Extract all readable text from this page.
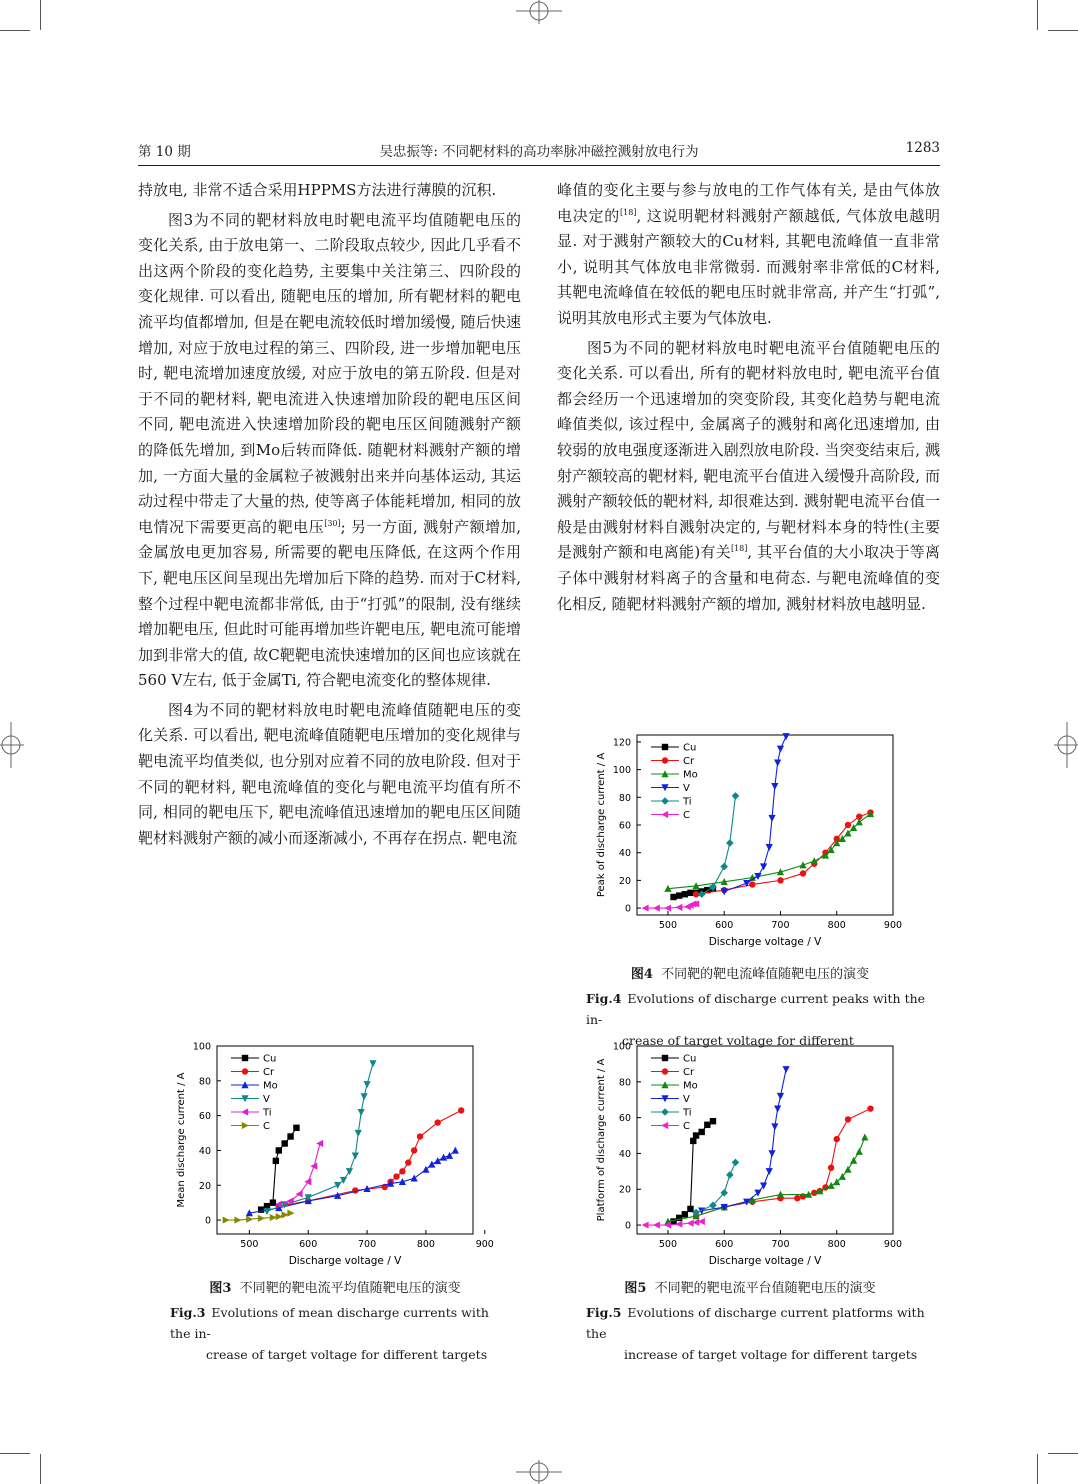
第 10 期	吴忠振等: 不同靶材料的高功率脉冲磁控溅射放电行为	1283

持放电, 非常不适合采用HPPMS方法进行薄膜的沉积.

图3为不同的靶材料放电时靶电流平均值随靶电压的变化关系, 由于放电第一、二阶段取点较少, 因此几乎看不出这两个阶段的变化趋势, 主要集中关注第三、四阶段的变化规律. 可以看出, 随靶电压的增加, 所有靶材料的靶电流平均值都增加, 但是在靶电流较低时增加缓慢, 随后快速增加, 对应于放电过程的第三、四阶段, 进一步增加靶电压时, 靶电流增加速度放缓, 对应于放电的第五阶段. 但是对于不同的靶材料, 靶电流进入快速增加阶段的靶电压区间不同, 靶电流进入快速增加阶段的靶电压区间随溅射产额的降低先增加, 到Mo后转而降低. 随靶材料溅射产额的增加, 一方面大量的金属粒子被溅射出来并向基体运动, 其运动过程中带走了大量的热, 使等离子体能耗增加, 相同的放电情况下需要更高的靶电压[30]; 另一方面, 溅射产额增加, 金属放电更加容易, 所需要的靶电压降低, 在这两个作用下, 靶电压区间呈现出先增加后下降的趋势. 而对于C材料, 整个过程中靶电流都非常低, 由于“打弧”的限制, 没有继续增加靶电压, 但此时可能再增加些许靶电压, 靶电流可能增加到非常大的值, 故C靶靶电流快速增加的区间也应该就在560 V左右, 低于金属Ti, 符合靶电流变化的整体规律.

图4为不同的靶材料放电时靶电流峰值随靶电压的变化关系. 可以看出, 靶电流峰值随靶电压增加的变化规律与靶电流平均值类似, 也分别对应着不同的放电阶段. 但对于不同的靶材料, 靶电流峰值的变化与靶电流平均值有所不同, 相同的靶电压下, 靶电流峰值迅速增加的靶电压区间随靶材料溅射产额的减小而逐渐减小, 不再存在拐点. 靶电流

峰值的变化主要与参与放电的工作气体有关, 是由气体放电决定的[18], 这说明靶材料溅射产额越低, 气体放电越明显. 对于溅射产额较大的Cu材料, 其靶电流峰值一直非常小, 说明其气体放电非常微弱. 而溅射率非常低的C材料, 其靶电流峰值在较低的靶电压时就非常高, 并产生“打弧”, 说明其放电形式主要为气体放电.

图5为不同的靶材料放电时靶电流平台值随靶电压的变化关系. 可以看出, 所有的靶材料放电时, 靶电流平台值都会经历一个迅速增加的突变阶段, 其变化趋势与靶电流峰值类似, 该过程中, 金属离子的溅射和离化迅速增加, 由较弱的放电强度逐渐进入剧烈放电阶段. 当突变结束后, 溅射产额较高的靶材料, 靶电流平台值进入缓慢升高阶段, 而溅射产额较低的靶材料, 却很难达到. 溅射靶电流平台值一般是由溅射材料自溅射决定的, 与靶材料本身的特性(主要是溅射产额和电离能)有关[18], 其平台值的大小取决于等离子体中溅射材料离子的含量和电荷态. 与靶电流峰值的变化相反, 随靶材料溅射产额的增加, 溅射材料放电越明显.

500	600	700	800	900
0
20
40
60
80
100
Discharge voltage / V
Mean discharge current / A
Cu
Cr
Mo
V
Ti
C
500	600	700	800	900
0
20
40
60
80
100
120
Discharge voltage / V
Peak of discharge current / A
Cu
Cr
Mo
V
Ti
C
500	600	700	800	900
0
20
40
60
80
100
Discharge voltage / V
Platform of discharge current / A	Cu
Cr
Mo
V
Ti
C
图3 不同靶的靶电流平均值随靶电压的演变
Fig.3 Evolutions of mean discharge currents with the in-
crease of target voltage for different targets
图4 不同靶的靶电流峰值随靶电压的演变
Fig.4 Evolutions of discharge current peaks with the in-
crease of target voltage for different
图5 不同靶的靶电流平台值随靶电压的演变
Fig.5 Evolutions of discharge current platforms with the
increase of target voltage for different targets
